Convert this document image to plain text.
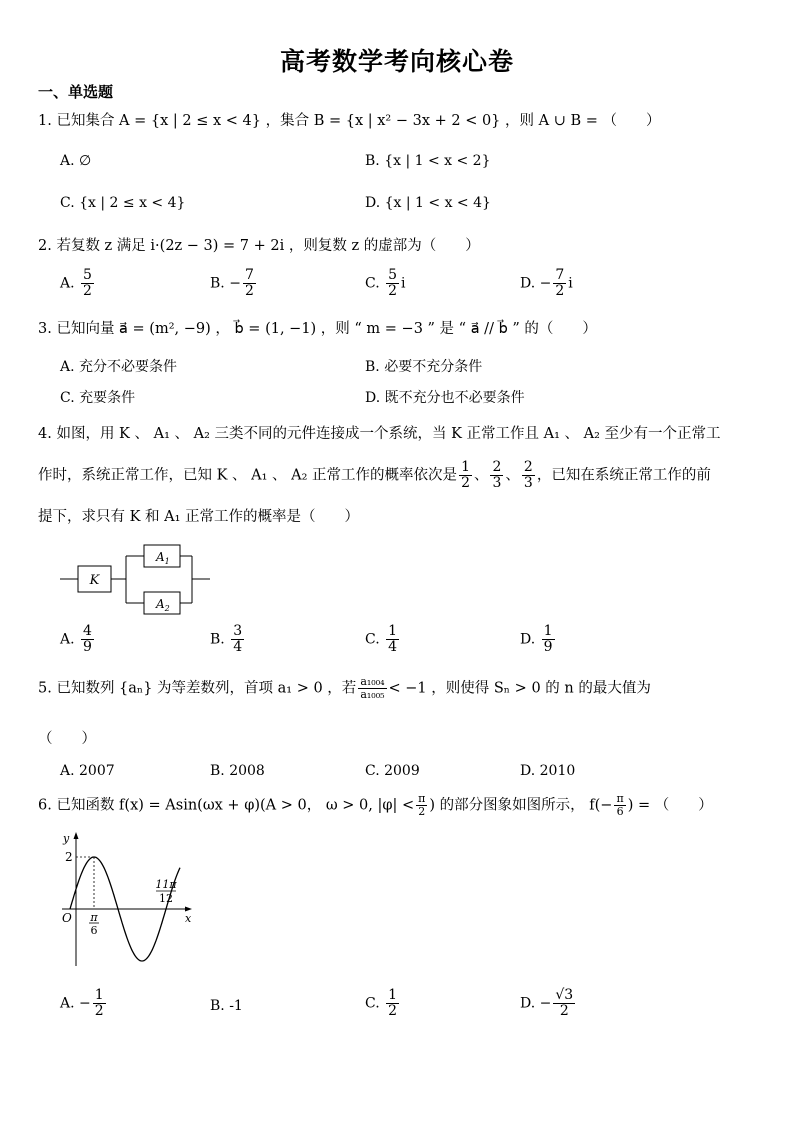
高考数学考向核心卷
一、单选题
1. 已知集合 A = {x | 2 ≤ x < 4} ，集合 B = {x | x² − 3x + 2 < 0} ，则 A ∪ B = （　　）
A. ∅	B. {x | 1 < x < 2}
C. {x | 2 ≤ x < 4}	D. {x | 1 < x < 4}
2. 若复数 z 满足 i·(2z − 3) = 7 + 2i ，则复数 z 的虚部为（　　）
A. $\frac{5}{2}$	B. − $\frac{7}{2}$	C. $\frac{5}{2}$ i	D. − $\frac{7}{2}$ i
3. 已知向量 a⃗ = (m², −9) ， b⃗ = (1, −1) ，则 “ m = −3 ” 是 “ a⃗ // b⃗ ” 的（　　）
A. 充分不必要条件	B. 必要不充分条件
C. 充要条件	D. 既不充分也不必要条件
4. 如图，用 K 、 A₁ 、 A₂ 三类不同的元件连接成一个系统，当 K 正常工作且 A₁ 、 A₂ 至少有一个正常工
作时，系统正常工作，已知 K 、 A₁ 、 A₂ 正常工作的概率依次是 $\frac{1}{2}$ 、 $\frac{2}{3}$ 、 $\frac{2}{3}$ ，已知在系统正常工作的前
提下，求只有 K 和 A₁ 正常工作的概率是（　　）
K
$A_1$
$A_2$
A. $\frac{4}{9}$	B. $\frac{3}{4}$	C. $\frac{1}{4}$	D. $\frac{1}{9}$
5. 已知数列 {aₙ} 为等差数列，首项 a₁ > 0 ，若 $\frac{\text{a₁₀₀₄}}{\text{a₁₀₀₅}} < -1$ ，则使得 Sₙ > 0 的 n 的最大值为
（　　）
A. 2007	B. 2008	C. 2009	D. 2010
6. 已知函数 f(x) = Asin(ωx + φ)(A > 0， ω > 0, $|\varphi| < \frac{\pi}{2}$ ) 的部分图象如图所示， $f(- \frac{\pi}{6}$ ) = （　　）
y
x
O
2
π
6
11π
12
A. − $\frac{1}{2}$	B. -1	C. $\frac{1}{2}$	D. − $\frac{√3}{2}$
